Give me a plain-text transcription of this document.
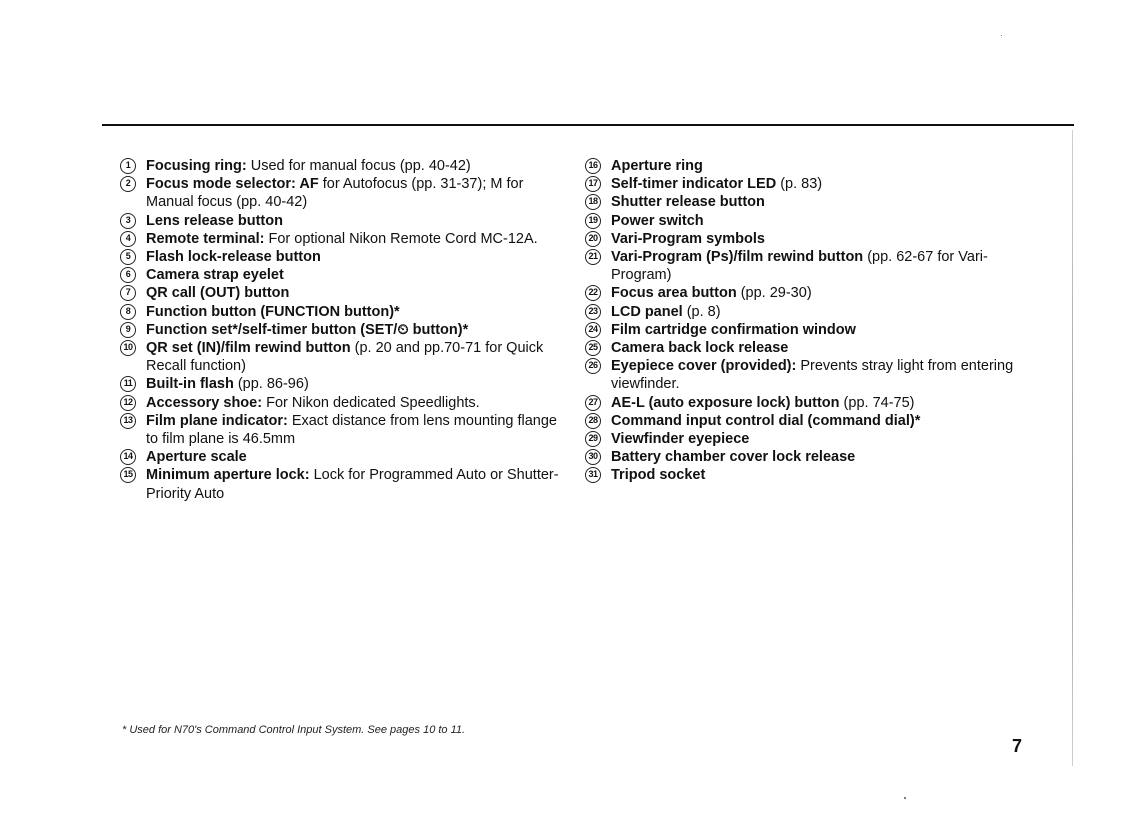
1	Focusing ring: Used for manual focus (pp. 40-42)
2	Focus mode selector: AF for Autofocus (pp. 31-37); M for Manual focus (pp. 40-42)
3	Lens release button
4	Remote terminal: For optional Nikon Remote Cord MC-12A.
5	Flash lock-release button
6	Camera strap eyelet
7	QR call (OUT) button
8	Function button (FUNCTION button)*
9	Function set*/self-timer button (SET/⏲ button)*
10 QR set (IN)/film rewind button (p. 20 and pp.70-71 for Quick Recall function)
11 Built-in flash (pp. 86-96)
12 Accessory shoe: For Nikon dedicated Speedlights.
13 Film plane indicator: Exact distance from lens mounting flange to film plane is 46.5mm
14 Aperture scale
15 Minimum aperture lock: Lock for Programmed Auto or Shutter-Priority Auto
16 Aperture ring
17 Self-timer indicator LED (p. 83)
18 Shutter release button
19 Power switch
20 Vari-Program symbols
21 Vari-Program (Ps)/film rewind button (pp. 62-67 for Vari-Program)
22 Focus area button (pp. 29-30)
23 LCD panel (p. 8)
24 Film cartridge confirmation window
25 Camera back lock release
26 Eyepiece cover (provided): Prevents stray light from entering viewfinder.
27 AE-L (auto exposure lock) button (pp. 74-75)
28 Command input control dial (command dial)*
29 Viewfinder eyepiece
30 Battery chamber cover lock release
31 Tripod socket
* Used for N70's Command Control Input System. See pages 10 to 11.
7
